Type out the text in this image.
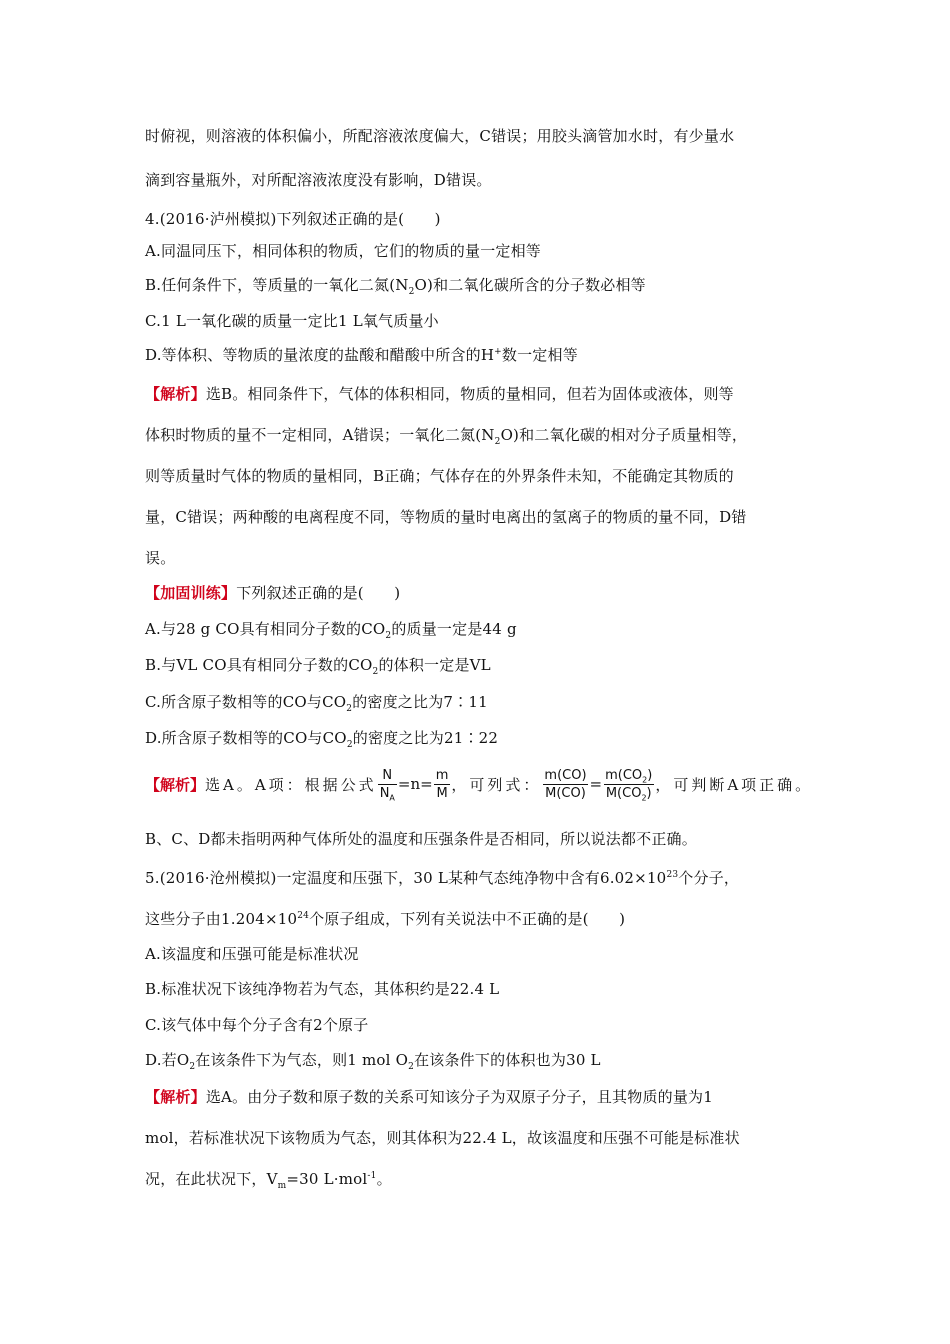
时俯视，则溶液的体积偏小，所配溶液浓度偏大，C错误；用胶头滴管加水时，有少量水
滴到容量瓶外，对所配溶液浓度没有影响，D错误。
4.(2016·泸州模拟)下列叙述正确的是(　　)
A.同温同压下，相同体积的物质，它们的物质的量一定相等
B.任何条件下，等质量的一氧化二氮$(N_2O)$和二氧化碳所含的分子数必相等
C.1 L一氧化碳的质量一定比1 L氧气质量小
D.等体积、等物质的量浓度的盐酸和醋酸中所含的H+数一定相等
【解析】选B。相同条件下，气体的体积相同，物质的量相同，但若为固体或液体，则等
体积时物质的量不一定相同，A错误；一氧化二氮$(N_2O)$和二氧化碳的相对分子质量相等，
则等质量时气体的物质的量相同，B正确；气体存在的外界条件未知，不能确定其物质的
量，C错误；两种酸的电离程度不同，等物质的量时电离出的氢离子的物质的量不同，D错
误。
【加固训练】下列叙述正确的是(　　)
A.与28 g CO具有相同分子数的$CO_2$的质量一定是44 g
B.与VL CO具有相同分子数的$CO_2$的体积一定是VL
C.所含原子数相等的CO与$CO_2$的密度之比为7∶11
D.所含原子数相等的CO与$CO_2$的密度之比为21∶22
【解析】 选A。A项：根据公式 $\frac{N}{N_A} =n= \frac{m}{M}$ ，可列式： $\frac{m(CO)}{M(CO)} = \frac{m(CO_2)}{M(CO_2)}$ ，可判断A项正确。
B、C、D都未指明两种气体所处的温度和压强条件是否相同，所以说法都不正确。
5.(2016·沧州模拟)一定温度和压强下，30 L某种气态纯净物中含有$6.02\times 10^{23}$个分子，
这些分子由$1.204\times 10^{24}$个原子组成，下列有关说法中不正确的是(　　)
A.该温度和压强可能是标准状况
B.标准状况下该纯净物若为气态，其体积约是22.4 L
C.该气体中每个分子含有2个原子
D.若$O_2$在该条件下为气态，则1 mol $O_2$在该条件下的体积也为30 L
【解析】选A。由分子数和原子数的关系可知该分子为双原子分子，且其物质的量为1
mol，若标准状况下该物质为气态，则其体积为22.4 L，故该温度和压强不可能是标准状
况，在此状况下，$V_m=30$ L·mol$^{-1}$。
